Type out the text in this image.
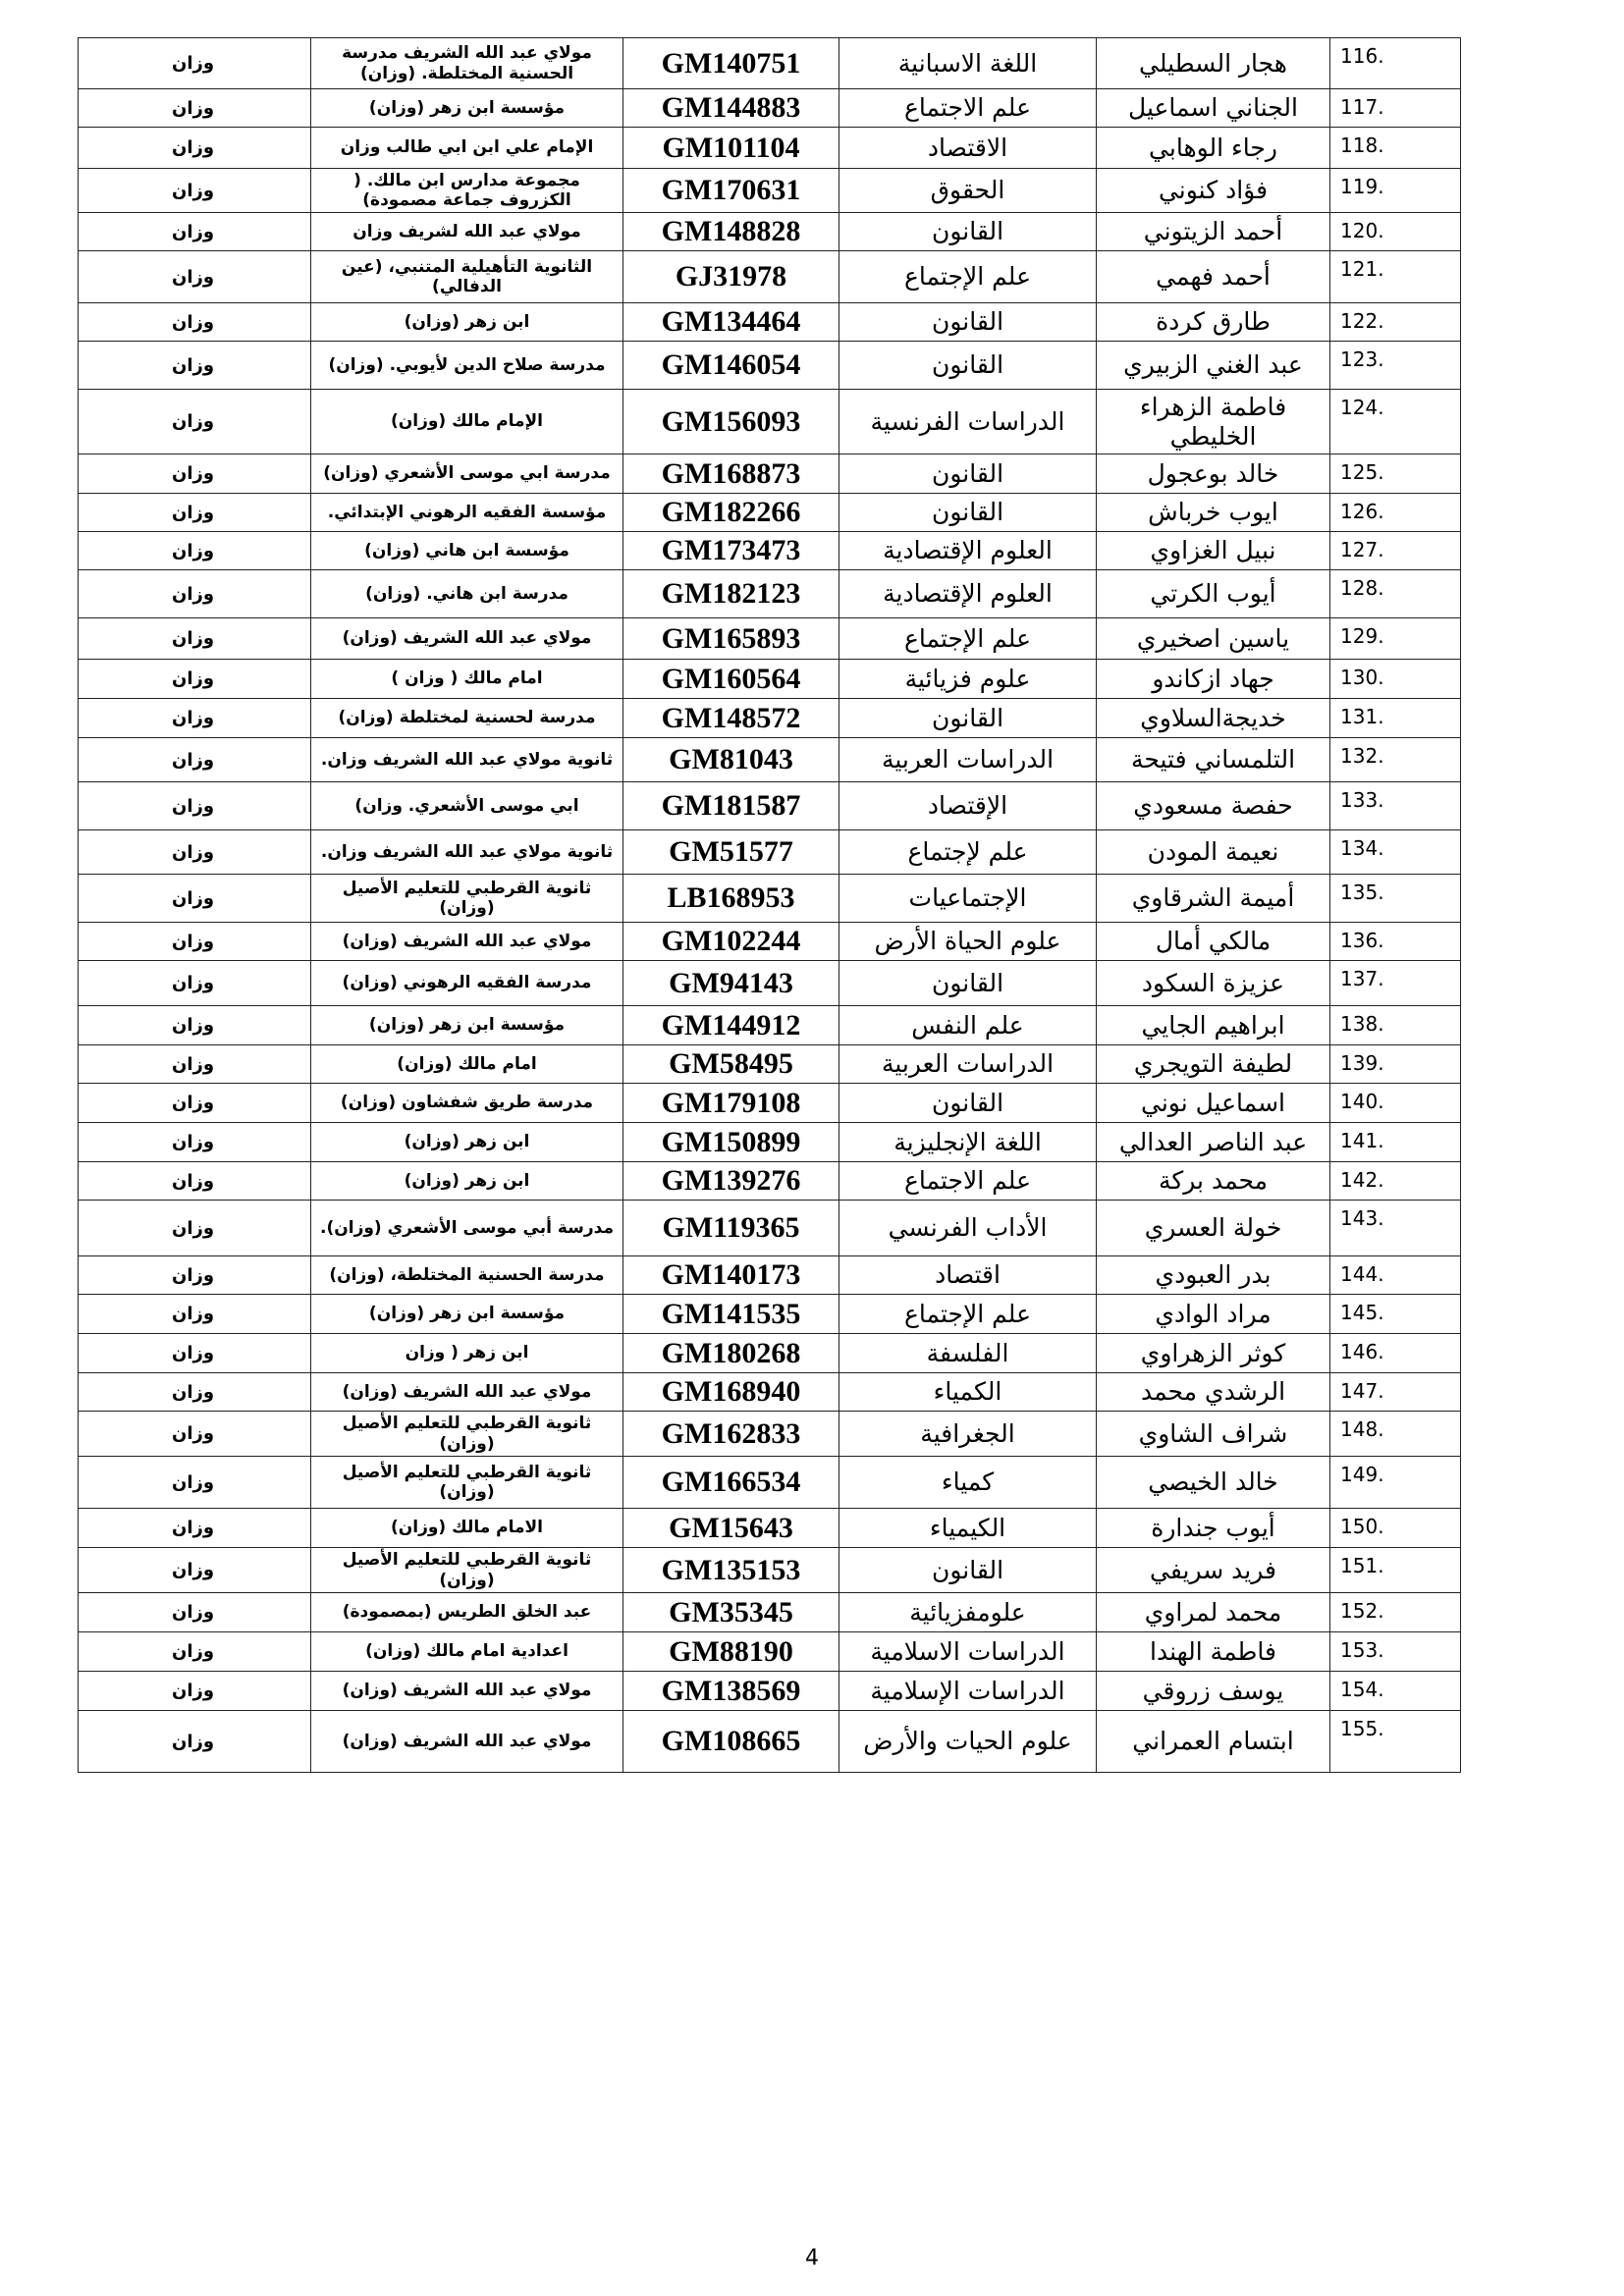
.116	هجار السطيلي	اللغة الاسبانية	GM140751	مولاي عبد الله الشريف مدرسة الحسنية المختلطة. (وزان)	وزان
.117	الجناني اسماعيل	علم الاجتماع	GM144883	مؤسسة ابن زهر (وزان)	وزان
.118	رجاء الوهابي	الاقتصاد	GM101104	الإمام علي ابن ابي طالب وزان	وزان
.119	فؤاد كنوني	الحقوق	GM170631	مجموعة مدارس ابن مالك. ( الكزروف جماعة مصمودة)	وزان
.120	أحمد الزيتوني	القانون	GM148828	مولاي عبد الله لشريف وزان	وزان
.121	أحمد فهمي	علم الإجتماع	GJ31978	الثانوية التأهيلية المتنبي، (عين الدفالي)	وزان
.122	طارق كردة	القانون	GM134464	ابن زهر (وزان)	وزان
.123	عبد الغني الزبيري	القانون	GM146054	مدرسة صلاح الدين لأيوبي. (وزان)	وزان
.124	فاطمة الزهراء الخليطي	الدراسات الفرنسية	GM156093	الإمام مالك (وزان)	وزان
.125	خالد بوعجول	القانون	GM168873	مدرسة ابي موسى الأشعري (وزان)	وزان
.126	ايوب خرباش	القانون	GM182266	مؤسسة الفقيه الرهوني الإبتدائي.	وزان
.127	نبيل الغزاوي	العلوم الإقتصادية	GM173473	مؤسسة ابن هاني (وزان)	وزان
.128	أيوب الكرتي	العلوم الإقتصادية	GM182123	مدرسة ابن هاني. (وزان)	وزان
.129	ياسين اصخيري	علم الإجتماع	GM165893	مولاي عبد الله الشريف (وزان)	وزان
.130	جهاد ازكاندو	علوم فزيائية	GM160564	امام مالك ( وزان )	وزان
.131	خديجةالسلاوي	القانون	GM148572	مدرسة لحسنية لمختلطة (وزان)	وزان
.132	التلمساني فتيحة	الدراسات العربية	GM81043	ثانوية مولاي عبد الله الشريف وزان.	وزان
.133	حفصة مسعودي	الإقتصاد	GM181587	ابي موسى الأشعري. وزان)	وزان
.134	نعيمة المودن	علم لإجتماع	GM51577	ثانوية مولاي عبد الله الشريف وزان.	وزان
.135	أميمة الشرقاوي	الإجتماعيات	LB168953	ثانوية القرطبي للتعليم الأصيل (وزان)	وزان
.136	مالكي أمال	علوم الحياة الأرض	GM102244	مولاي عبد الله الشريف (وزان)	وزان
.137	عزيزة السكود	القانون	GM94143	مدرسة الفقيه الرهوني (وزان)	وزان
.138	ابراهيم الجايي	علم النفس	GM144912	مؤسسة ابن زهر (وزان)	وزان
.139	لطيفة التويجري	الدراسات العربية	GM58495	امام مالك (وزان)	وزان
.140	اسماعيل نوني	القانون	GM179108	مدرسة طريق شفشاون (وزان)	وزان
.141	عبد الناصر العدالي	اللغة الإنجليزية	GM150899	ابن زهر (وزان)	وزان
.142	محمد بركة	علم الاجتماع	GM139276	ابن زهر (وزان)	وزان
.143	خولة العسري	الأداب الفرنسي	GM119365	مدرسة أبي موسى الأشعري (وزان).	وزان
.144	بدر العبودي	اقتصاد	GM140173	مدرسة الحسنية المختلطة، (وزان)	وزان
.145	مراد الوادي	علم الإجتماع	GM141535	مؤسسة ابن زهر (وزان)	وزان
.146	كوثر الزهراوي	الفلسفة	GM180268	ابن زهر ( وزان	وزان
.147	الرشدي محمد	الكمياء	GM168940	مولاي عبد الله الشريف (وزان)	وزان
.148	شراف الشاوي	الجغرافية	GM162833	ثانوية القرطبي للتعليم الأصيل (وزان)	وزان
.149	خالد الخيصي	كمياء	GM166534	ثانوية القرطبي للتعليم الأصيل (وزان)	وزان
.150	أيوب جندارة	الكيمياء	GM15643	الامام مالك (وزان)	وزان
.151	فريد سريفي	القانون	GM135153	ثانوية القرطبي للتعليم الأصيل (وزان)	وزان
.152	محمد لمراوي	علومفزيائية	GM35345	عبد الخلق الطريس (بمصمودة)	وزان
.153	فاطمة الهندا	الدراسات الاسلامية	GM88190	اعدادية امام مالك (وزان)	وزان
.154	يوسف زروقي	الدراسات الإسلامية	GM138569	مولاي عبد الله الشريف (وزان)	وزان
.155	ابتسام العمراني	علوم الحيات والأرض	GM108665	مولاي عبد الله الشريف (وزان)	وزان
4
